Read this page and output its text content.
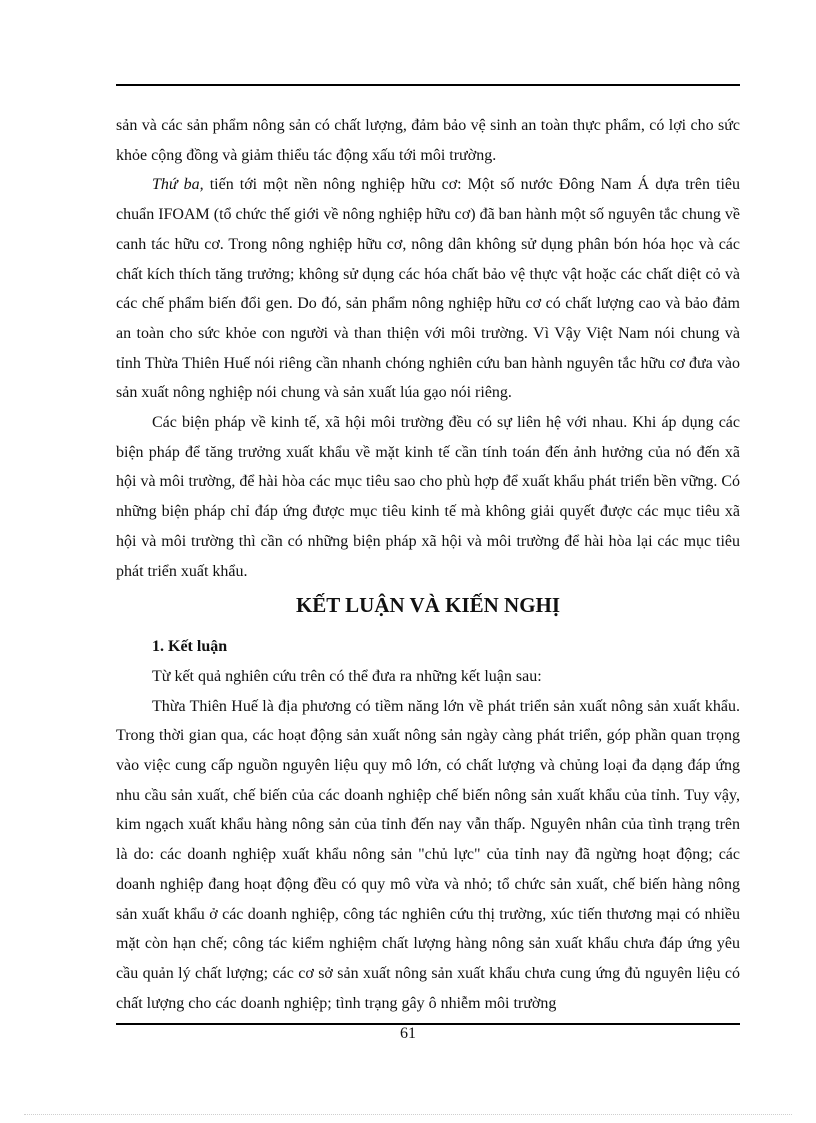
sản và các sản phẩm nông sản có chất lượng, đảm bảo vệ sinh an toàn thực phẩm, có lợi cho sức khỏe cộng đồng và giảm thiểu tác động xấu tới môi trường.

Thứ ba, tiến tới một nền nông nghiệp hữu cơ: Một số nước Đông Nam Á dựa trên tiêu chuẩn IFOAM (tổ chức thế giới về nông nghiệp hữu cơ) đã ban hành một số nguyên tắc chung về canh tác hữu cơ. Trong nông nghiệp hữu cơ, nông dân không sử dụng phân bón hóa học và các chất kích thích tăng trưởng; không sử dụng các hóa chất bảo vệ thực vật hoặc các chất diệt cỏ và các chế phẩm biến đổi gen. Do đó, sản phẩm nông nghiệp hữu cơ có chất lượng cao và bảo đảm an toàn cho sức khỏe con người và than thiện với môi trường. Vì Vậy Việt Nam nói chung và tỉnh Thừa Thiên Huế nói riêng cần nhanh chóng nghiên cứu ban hành nguyên tắc hữu cơ đưa vào sản xuất nông nghiệp nói chung và sản xuất lúa gạo nói riêng.

Các biện pháp về kinh tế, xã hội môi trường đều có sự liên hệ với nhau. Khi áp dụng các biện pháp để tăng trưởng xuất khẩu về mặt kinh tế cần tính toán đến ảnh hưởng của nó đến xã hội và môi trường, để hài hòa các mục tiêu sao cho phù hợp để xuất khẩu phát triển bền vững. Có những biện pháp chỉ đáp ứng được mục tiêu kinh tế mà không giải quyết được các mục tiêu xã hội và môi trường thì cần có những biện pháp xã hội và môi trường để hài hòa lại các mục tiêu phát triển xuất khẩu.

KẾT LUẬN VÀ KIẾN NGHỊ
1. Kết luận

Từ kết quả nghiên cứu trên có thể đưa ra những kết luận sau:

Thừa Thiên Huế là địa phương có tiềm năng lớn về phát triển sản xuất nông sản xuất khẩu. Trong thời gian qua, các hoạt động sản xuất nông sản ngày càng phát triển, góp phần quan trọng vào việc cung cấp nguồn nguyên liệu quy mô lớn, có chất lượng và chủng loại đa dạng đáp ứng nhu cầu sản xuất, chế biến của các doanh nghiệp chế biến nông sản xuất khẩu của tỉnh. Tuy vậy, kim ngạch xuất khẩu hàng nông sản của tỉnh đến nay vẫn thấp. Nguyên nhân của tình trạng trên là do: các doanh nghiệp xuất khẩu nông sản "chủ lực" của tỉnh nay đã ngừng hoạt động; các doanh nghiệp đang hoạt động đều có quy mô vừa và nhỏ; tổ chức sản xuất, chế biến hàng nông sản xuất khẩu ở các doanh nghiệp, công tác nghiên cứu thị trường, xúc tiến thương mại có nhiều mặt còn hạn chế; công tác kiểm nghiệm chất lượng hàng nông sản xuất khẩu chưa đáp ứng yêu cầu quản lý chất lượng; các cơ sở sản xuất nông sản xuất khẩu chưa cung ứng đủ nguyên liệu có chất lượng cho các doanh nghiệp; tình trạng gây ô nhiễm môi trường

61
